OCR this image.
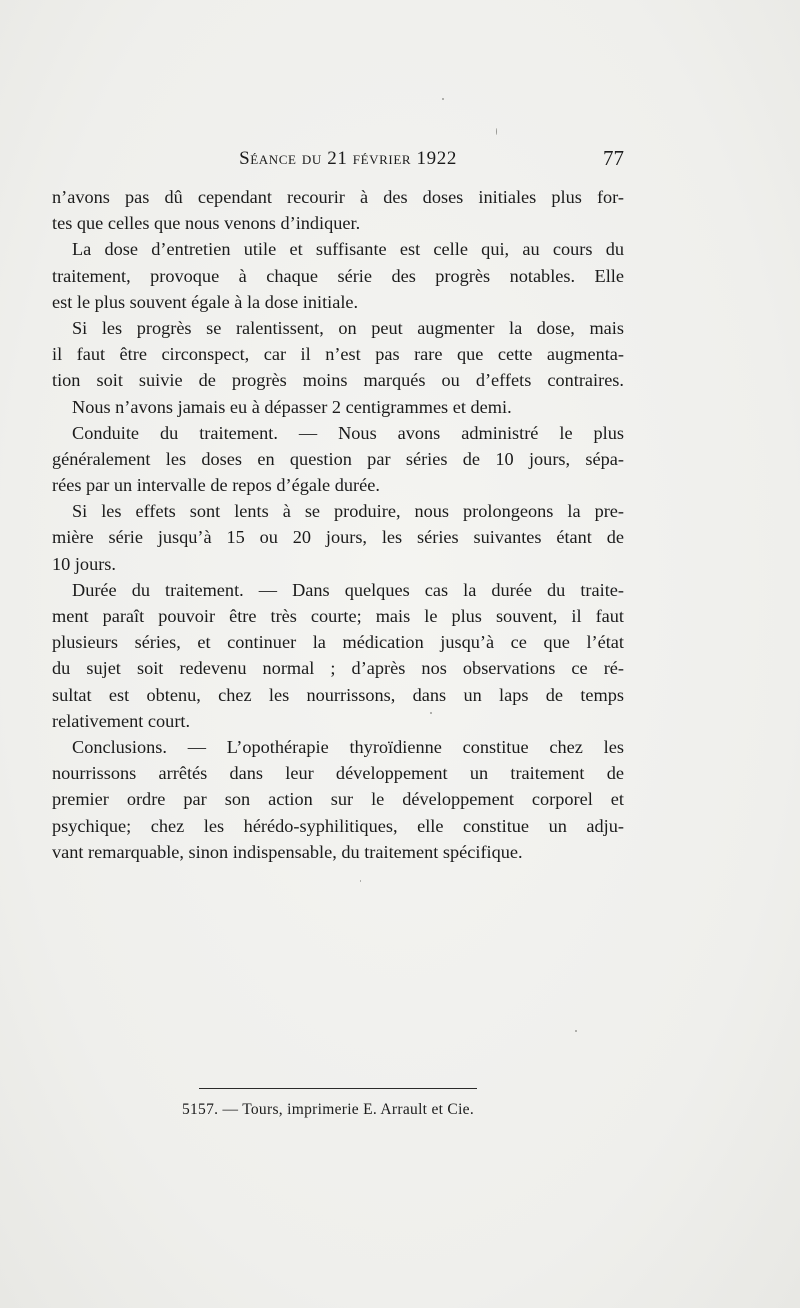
Séance du 21 février 1922	77
n’avons pas dû cependant recourir à des doses initiales plus for-
tes que celles que nous venons d’indiquer.
La dose d’entretien utile et suffisante est celle qui, au cours du
traitement, provoque à chaque série des progrès notables. Elle
est le plus souvent égale à la dose initiale.
Si les progrès se ralentissent, on peut augmenter la dose, mais
il faut être circonspect, car il n’est pas rare que cette augmenta-
tion soit suivie de progrès moins marqués ou d’effets contraires.
Nous n’avons jamais eu à dépasser 2 centigrammes et demi.
Conduite du traitement. — Nous avons administré le plus
généralement les doses en question par séries de 10 jours, sépa-
rées par un intervalle de repos d’égale durée.
Si les effets sont lents à se produire, nous prolongeons la pre-
mière série jusqu’à 15 ou 20 jours, les séries suivantes étant de
10 jours.
Durée du traitement. — Dans quelques cas la durée du traite-
ment paraît pouvoir être très courte; mais le plus souvent, il faut
plusieurs séries, et continuer la médication jusqu’à ce que l’état
du sujet soit redevenu normal ; d’après nos observations ce ré-
sultat est obtenu, chez les nourrissons, dans un laps de temps
relativement court.
Conclusions. — L’opothérapie thyroïdienne constitue chez les
nourrissons arrêtés dans leur développement un traitement de
premier ordre par son action sur le développement corporel et
psychique; chez les hérédo-syphilitiques, elle constitue un adju-
vant remarquable, sinon indispensable, du traitement spécifique.
5157. — Tours, imprimerie E. Arrault et Cie.
